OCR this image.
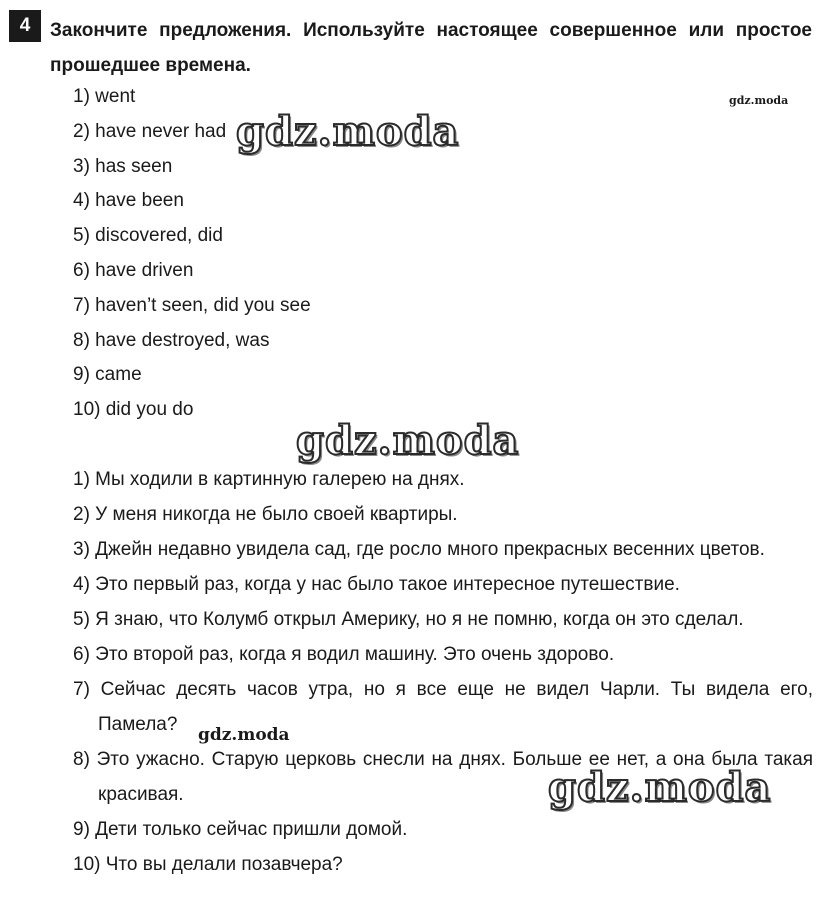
4	Закончите предложения. Используйте настоящее совершенное или простое прошедшее времена.
1) went
2) have never had
3) has seen
4) have been
5) discovered, did
6) have driven
7) haven’t seen, did you see
8) have destroyed, was
9) came
10) did you do
1) Мы ходили в картинную галерею на днях.
2) У меня никогда не было своей квартиры.
3) Джейн недавно увидела сад, где росло много прекрасных весенних цветов.
4) Это первый раз, когда у нас было такое интересное путешествие.
5) Я знаю, что Колумб открыл Америку, но я не помню, когда он это сделал.
6) Это второй раз, когда я водил машину. Это очень здорово.
7) Сейчас десять часов утра, но я все еще не видел Чарли. Ты видела его, Памела?
8) Это ужасно. Старую церковь снесли на днях. Больше ее нет, а она была такая красивая.
9) Дети только сейчас пришли домой.
10) Что вы делали позавчера?
gdz.moda
gdz.moda
gdz.moda
gdz.moda
gdz.moda
